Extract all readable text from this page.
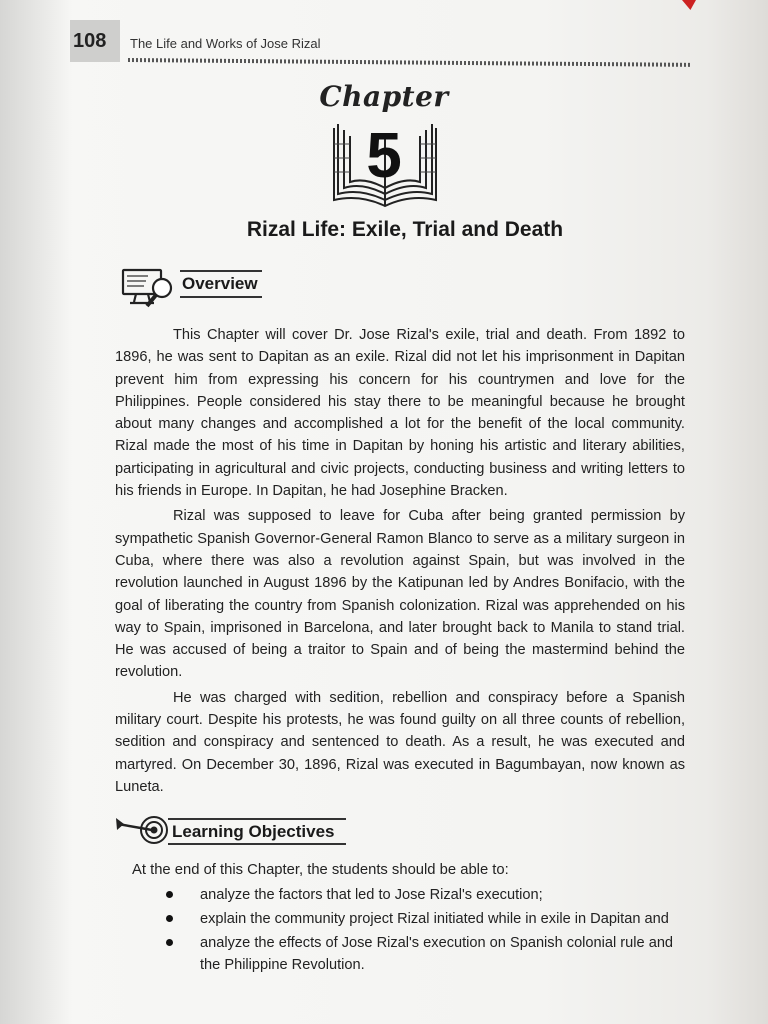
108 The Life and Works of Jose Rizal
Chapter
5
Rizal Life: Exile, Trial and Death
Overview

This Chapter will cover Dr. Jose Rizal's exile, trial and death. From 1892 to 1896, he was sent to Dapitan as an exile. Rizal did not let his imprisonment in Dapitan prevent him from expressing his concern for his countrymen and love for the Philippines. People considered his stay there to be meaningful because he brought about many changes and accomplished a lot for the benefit of the local community. Rizal made the most of his time in Dapitan by honing his artistic and literary abilities, participating in agricultural and civic projects, conducting business and writing letters to his friends in Europe. In Dapitan, he had Josephine Bracken.

Rizal was supposed to leave for Cuba after being granted permission by sympathetic Spanish Governor-General Ramon Blanco to serve as a military surgeon in Cuba, where there was also a revolution against Spain, but was involved in the revolution launched in August 1896 by the Katipunan led by Andres Bonifacio, with the goal of liberating the country from Spanish colonization. Rizal was apprehended on his way to Spain, imprisoned in Barcelona, and later brought back to Manila to stand trial. He was accused of being a traitor to Spain and of being the mastermind behind the revolution.

He was charged with sedition, rebellion and conspiracy before a Spanish military court. Despite his protests, he was found guilty on all three counts of rebellion, sedition and conspiracy and sentenced to death. As a result, he was executed and martyred. On December 30, 1896, Rizal was executed in Bagumbayan, now known as Luneta.

Learning Objectives
At the end of this Chapter, the students should be able to:
analyze the factors that led to Jose Rizal's execution;
explain the community project Rizal initiated while in exile in Dapitan and
analyze the effects of Jose Rizal's execution on Spanish colonial rule and the Philippine Revolution.
